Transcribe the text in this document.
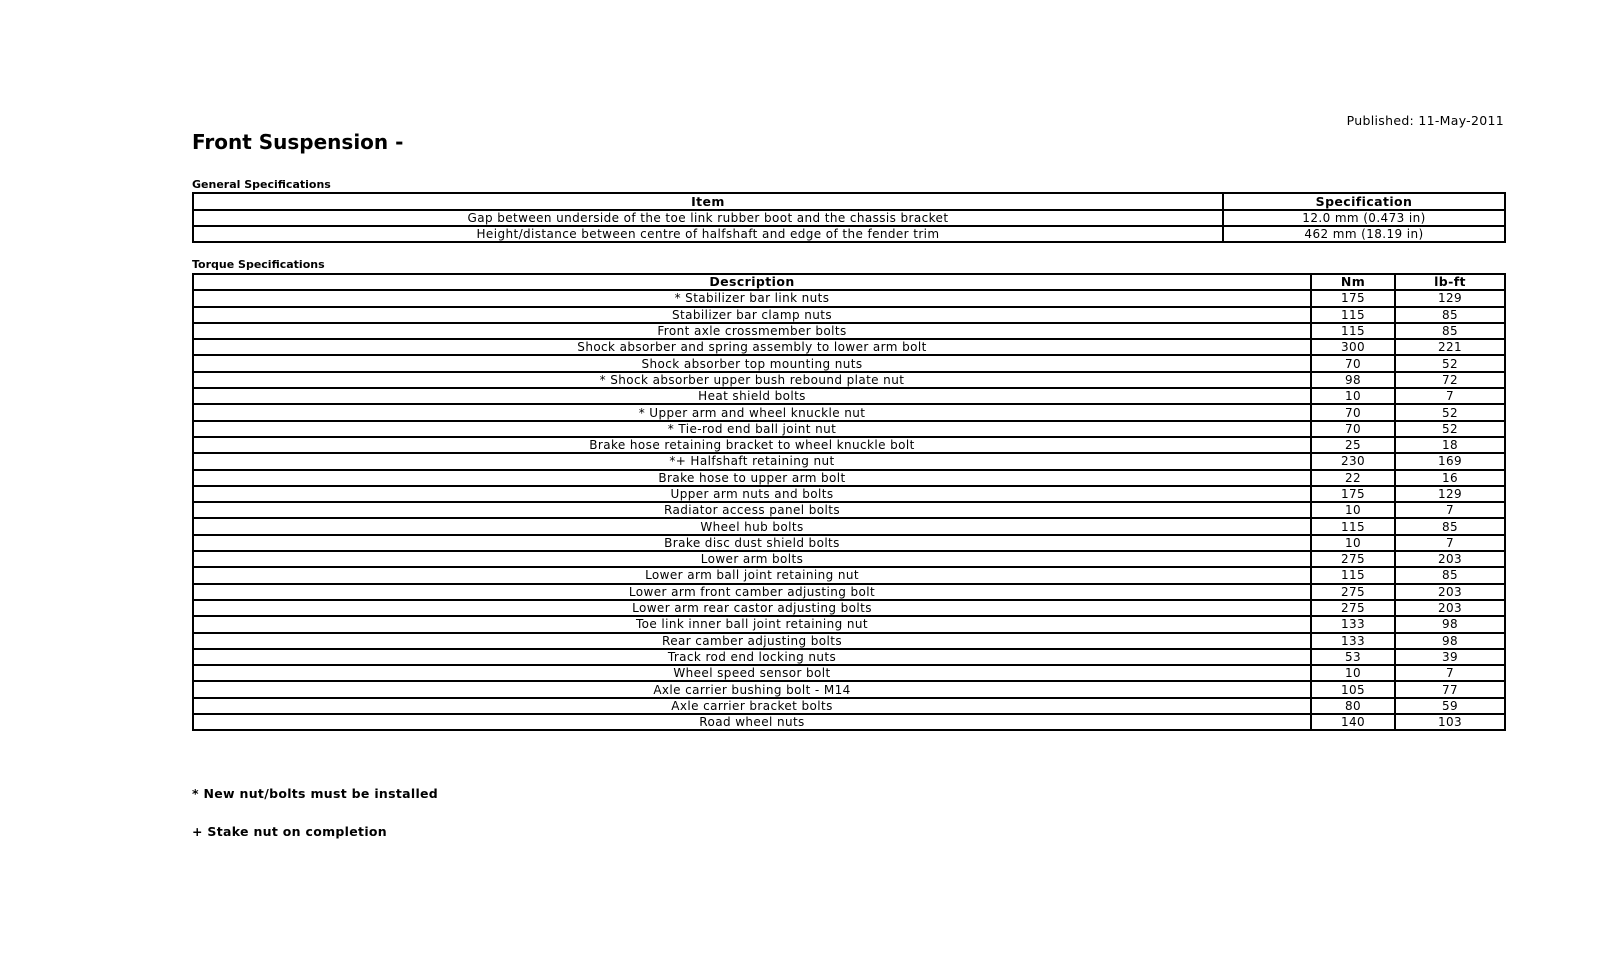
Published: 11-May-2011
Front Suspension -
General Specifications
Item	Specification
Gap between underside of the toe link rubber boot and the chassis bracket	12.0 mm (0.473 in)
Height/distance between centre of halfshaft and edge of the fender trim	462 mm (18.19 in)
Torque Specifications
Description	Nm	lb-ft
* Stabilizer bar link nuts	175	129
Stabilizer bar clamp nuts	115	85
Front axle crossmember bolts	115	85
Shock absorber and spring assembly to lower arm bolt	300	221
Shock absorber top mounting nuts	70	52
* Shock absorber upper bush rebound plate nut	98	72
Heat shield bolts	10	7
* Upper arm and wheel knuckle nut	70	52
* Tie-rod end ball joint nut	70	52
Brake hose retaining bracket to wheel knuckle bolt	25	18
*+ Halfshaft retaining nut	230	169
Brake hose to upper arm bolt	22	16
Upper arm nuts and bolts	175	129
Radiator access panel bolts	10	7
Wheel hub bolts	115	85
Brake disc dust shield bolts	10	7
Lower arm bolts	275	203
Lower arm ball joint retaining nut	115	85
Lower arm front camber adjusting bolt	275	203
Lower arm rear castor adjusting bolts	275	203
Toe link inner ball joint retaining nut	133	98
Rear camber adjusting bolts	133	98
Track rod end locking nuts	53	39
Wheel speed sensor bolt	10	7
Axle carrier bushing bolt - M14	105	77
Axle carrier bracket bolts	80	59
Road wheel nuts	140	103
* New nut/bolts must be installed
+ Stake nut on completion
